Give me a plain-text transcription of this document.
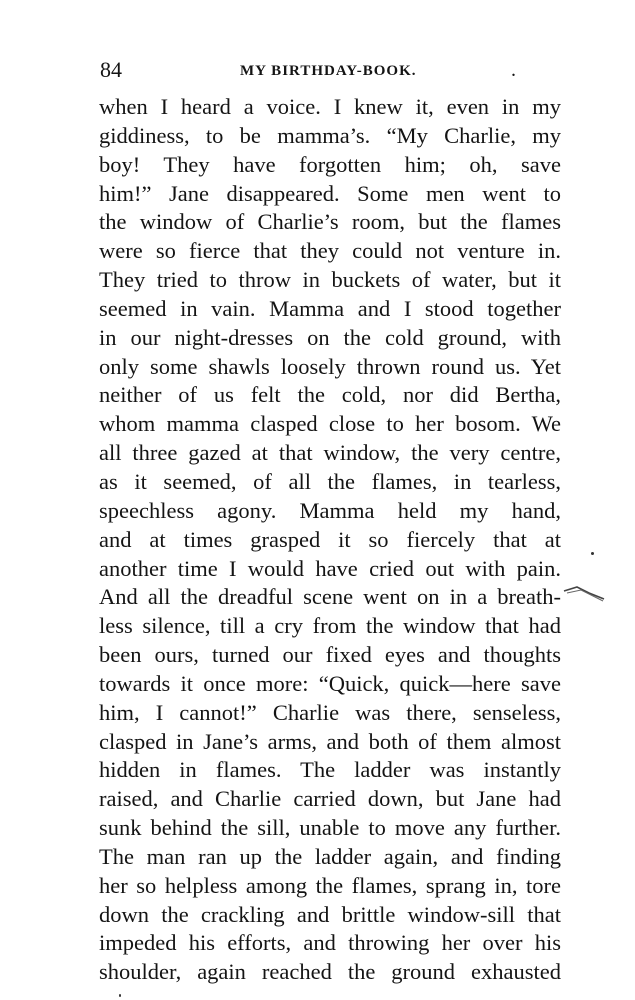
84	MY BIRTHDAY-BOOK.	.
when I heard a voice. I knew it, even in my
giddiness, to be mamma’s. “My Charlie, my
boy! They have forgotten him; oh, save
him!” Jane disappeared. Some men went to
the window of Charlie’s room, but the flames
were so fierce that they could not venture in.
They tried to throw in buckets of water, but it
seemed in vain. Mamma and I stood together
in our night-dresses on the cold ground, with
only some shawls loosely thrown round us. Yet
neither of us felt the cold, nor did Bertha,
whom mamma clasped close to her bosom. We
all three gazed at that window, the very centre,
as it seemed, of all the flames, in tearless,
speechless agony. Mamma held my hand,
and at times grasped it so fiercely that at
another time I would have cried out with pain.
And all the dreadful scene went on in a breath-
less silence, till a cry from the window that had
been ours, turned our fixed eyes and thoughts
towards it once more: “Quick, quick—here save
him, I cannot!” Charlie was there, senseless,
clasped in Jane’s arms, and both of them almost
hidden in flames. The ladder was instantly
raised, and Charlie carried down, but Jane had
sunk behind the sill, unable to move any further.
The man ran up the ladder again, and finding
her so helpless among the flames, sprang in, tore
down the crackling and brittle window-sill that
impeded his efforts, and throwing her over his
shoulder, again reached the ground exhausted
